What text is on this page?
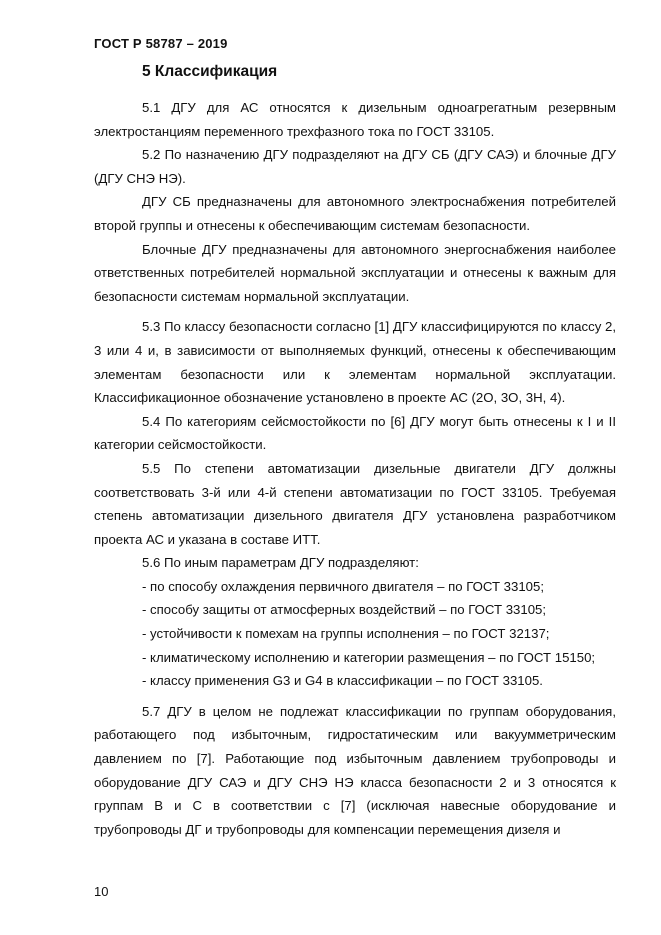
ГОСТ Р 58787 – 2019
5 Классификация

5.1 ДГУ для АС относятся к дизельным одноагрегатным резервным электростанциям переменного трехфазного тока по ГОСТ 33105.

5.2 По назначению ДГУ подразделяют на ДГУ СБ (ДГУ САЭ) и блочные ДГУ (ДГУ СНЭ НЭ).

ДГУ СБ предназначены для автономного электроснабжения потребителей второй группы и отнесены к обеспечивающим системам безопасности.

Блочные ДГУ предназначены для автономного энергоснабжения наиболее ответственных потребителей нормальной эксплуатации и отнесены к важным для безопасности системам нормальной эксплуатации.

5.3 По классу безопасности согласно [1] ДГУ классифицируются по классу 2, 3 или 4 и, в зависимости от выполняемых функций, отнесены к обеспечивающим элементам безопасности или к элементам нормальной эксплуатации. Классификационное обозначение установлено в проекте АС (2О, 3О, 3Н, 4).

5.4 По категориям сейсмостойкости по [6] ДГУ могут быть отнесены к I и II категории сейсмостойкости.

5.5 По степени автоматизации дизельные двигатели ДГУ должны соответствовать 3-й или 4-й степени автоматизации по ГОСТ 33105. Требуемая степень автоматизации дизельного двигателя ДГУ установлена разработчиком проекта АС и указана в составе ИТТ.

5.6 По иным параметрам ДГУ подразделяют:

- по способу охлаждения первичного двигателя – по ГОСТ 33105;

- способу защиты от атмосферных воздействий – по ГОСТ 33105;

- устойчивости к помехам на группы исполнения – по ГОСТ 32137;

- климатическому исполнению и категории размещения – по ГОСТ 15150;

- классу применения G3 и G4 в классификации – по ГОСТ 33105.

5.7 ДГУ в целом не подлежат классификации по группам оборудования, работающего под избыточным, гидростатическим или вакуумметрическим давлением по [7]. Работающие под избыточным давлением трубопроводы и оборудование ДГУ САЭ и ДГУ СНЭ НЭ класса безопасности 2 и 3 относятся к группам B и C в соответствии с [7] (исключая навесные оборудование и трубопроводы ДГ и трубопроводы для компенсации перемещения дизеля и

10
